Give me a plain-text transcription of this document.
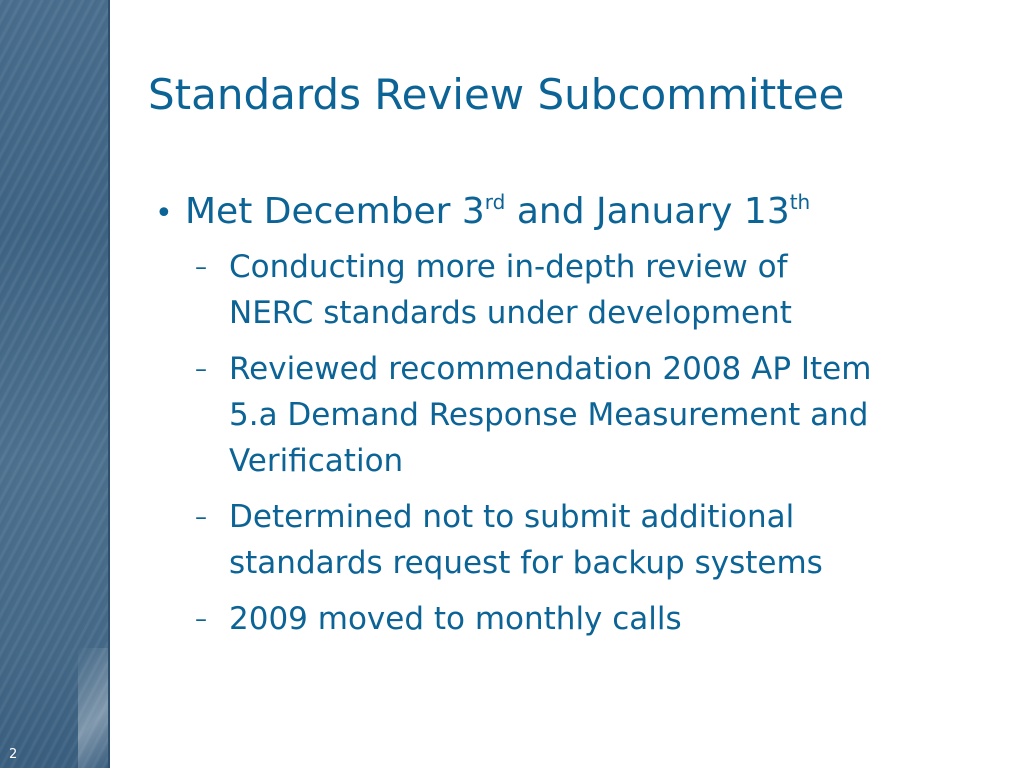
2
Standards Review Subcommittee

• Met December 3rd and January 13th

– Conducting more in-depth review of
NERC standards under development
– Reviewed recommendation 2008 AP Item
5.a Demand Response Measurement and
Verification
– Determined not to submit additional
standards request for backup systems
– 2009 moved to monthly calls
